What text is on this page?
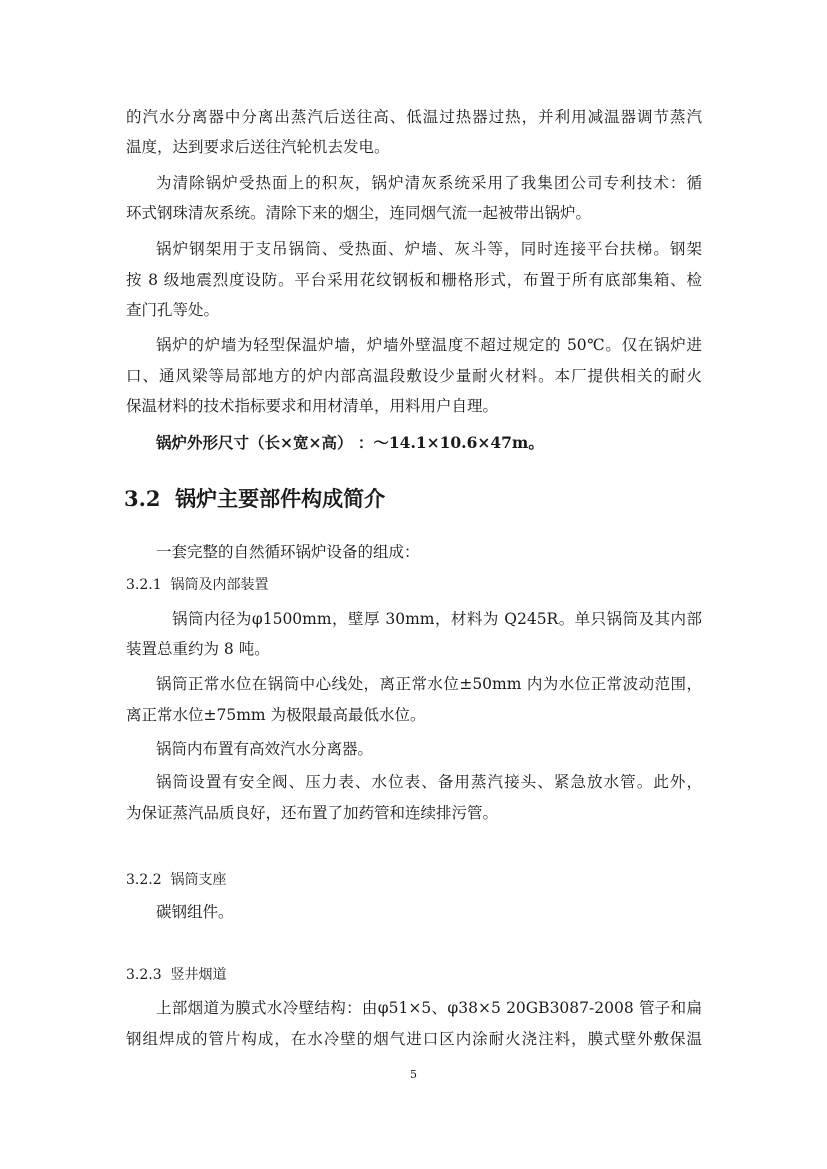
的汽水分离器中分离出蒸汽后送往高、低温过热器过热，并利用减温器调节蒸汽
温度，达到要求后送往汽轮机去发电。
为清除锅炉受热面上的积灰，锅炉清灰系统采用了我集团公司专利技术：循
环式钢珠清灰系统。清除下来的烟尘，连同烟气流一起被带出锅炉。
锅炉钢架用于支吊锅筒、受热面、炉墙、灰斗等，同时连接平台扶梯。钢架
按 8 级地震烈度设防。平台采用花纹钢板和栅格形式，布置于所有底部集箱、检
查门孔等处。
锅炉的炉墙为轻型保温炉墙，炉墙外壁温度不超过规定的 50℃。仅在锅炉进
口、通风梁等局部地方的炉内部高温段敷设少量耐火材料。本厂提供相关的耐火
保温材料的技术指标要求和用材清单，用料用户自理。
锅炉外形尺寸（长×宽×高） ：～14.1×10.6×47m。
3.2 锅炉主要部件构成简介
一套完整的自然循环锅炉设备的组成：
3.2.1 锅筒及内部装置
锅筒内径为φ1500mm，壁厚 30mm，材料为 Q245R。单只锅筒及其内部
装置总重约为 8 吨。
锅筒正常水位在锅筒中心线处，离正常水位±50mm 内为水位正常波动范围，
离正常水位±75mm 为极限最高最低水位。
锅筒内布置有高效汽水分离器。
锅筒设置有安全阀、压力表、水位表、备用蒸汽接头、紧急放水管。此外，
为保证蒸汽品质良好，还布置了加药管和连续排污管。
3.2.2 锅筒支座
碳钢组件。
3.2.3 竖井烟道
上部烟道为膜式水冷壁结构：由φ51×5、φ38×5 20GB3087-2008 管子和扁
钢组焊成的管片构成，在水冷壁的烟气进口区内涂耐火浇注料，膜式壁外敷保温
5
